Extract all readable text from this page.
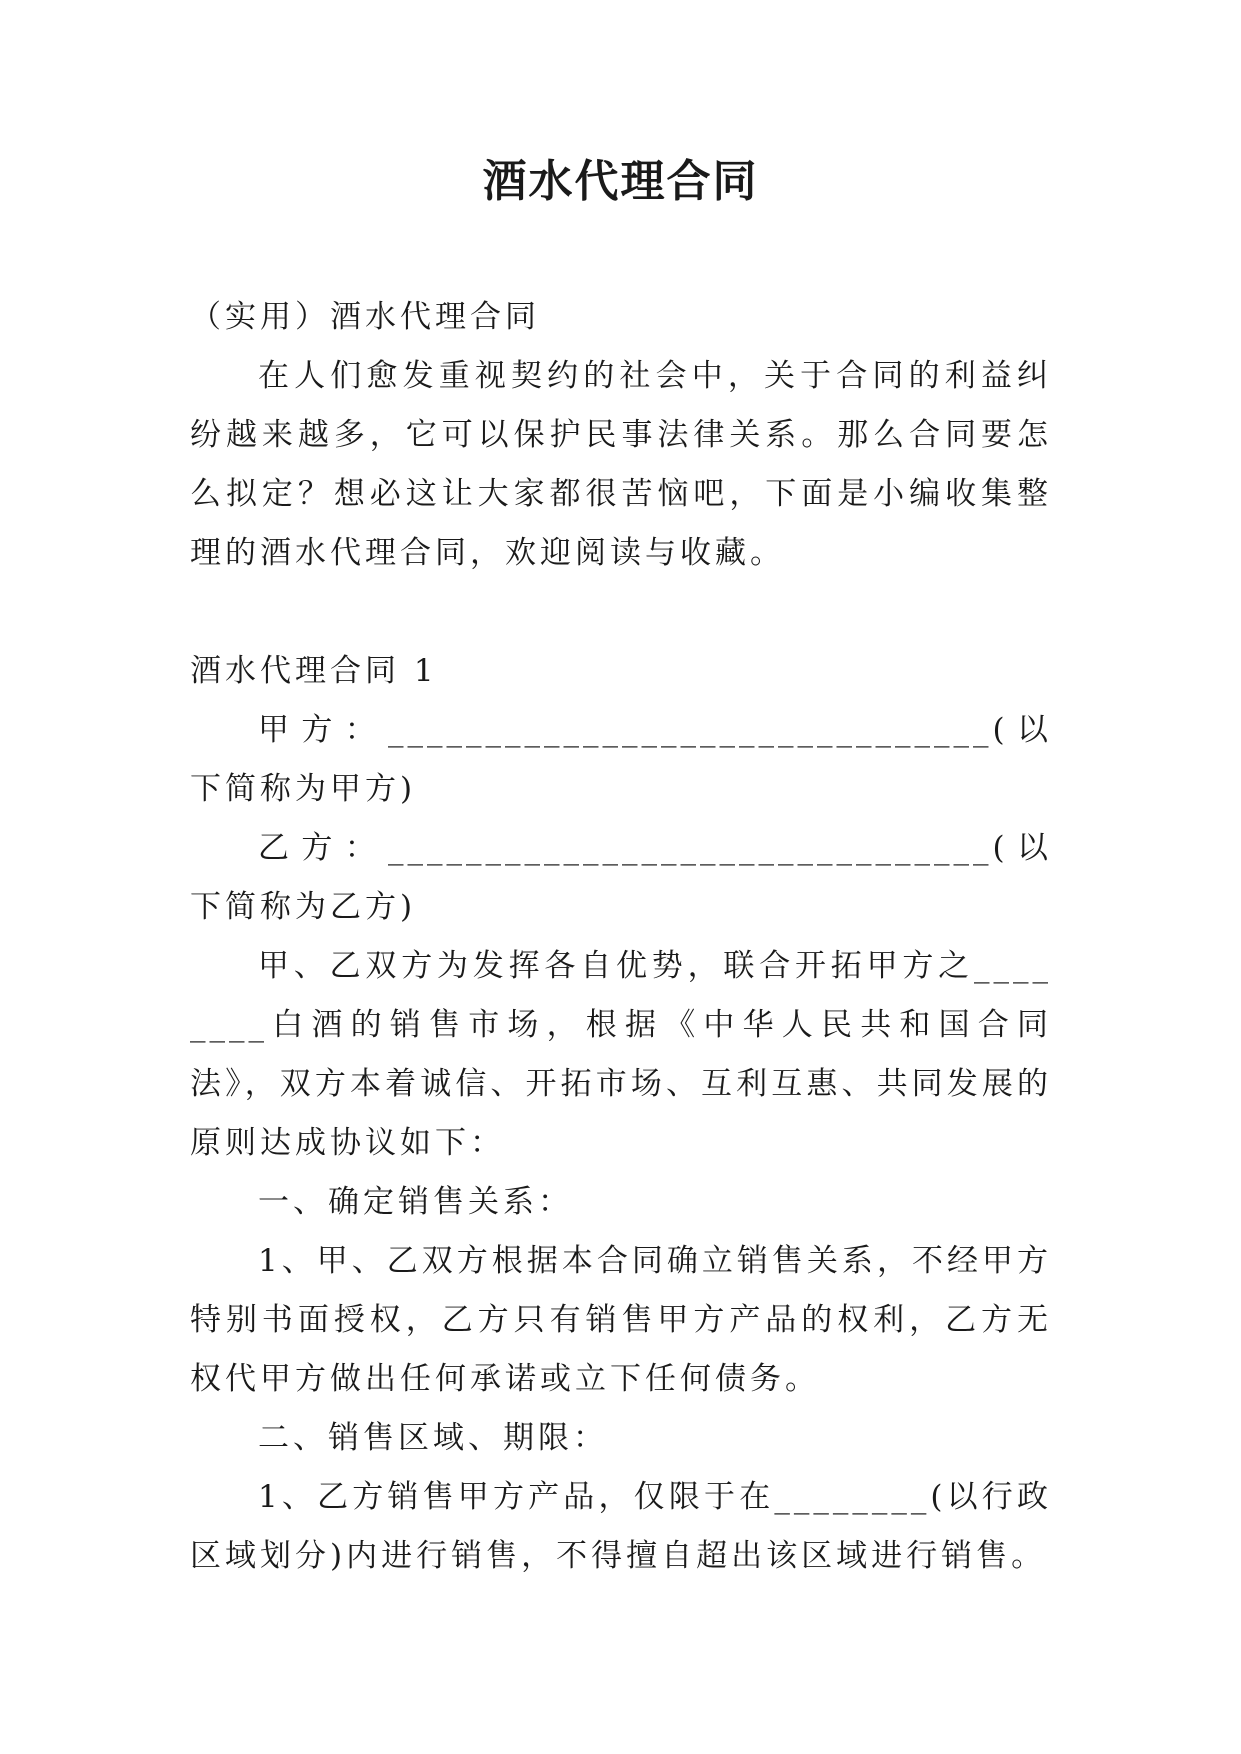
酒水代理合同

（实用）酒水代理合同

在人们愈发重视契约的社会中，关于合同的利益纠纷越来越多，它可以保护民事法律关系。那么合同要怎么拟定？想必这让大家都很苦恼吧，下面是小编收集整理的酒水代理合同，欢迎阅读与收藏。

酒水代理合同 1

甲方：_______________________________(以下简称为甲方)

乙方：_______________________________(以下简称为乙方)

甲、乙双方为发挥各自优势，联合开拓甲方之________白酒的销售市场，根据《中华人民共和国合同法》，双方本着诚信、开拓市场、互利互惠、共同发展的原则达成协议如下：

一、确定销售关系：

1、甲、乙双方根据本合同确立销售关系，不经甲方特别书面授权，乙方只有销售甲方产品的权利，乙方无权代甲方做出任何承诺或立下任何债务。

二、销售区域、期限：

1、乙方销售甲方产品，仅限于在________(以行政区域划分)内进行销售，不得擅自超出该区域进行销售。
